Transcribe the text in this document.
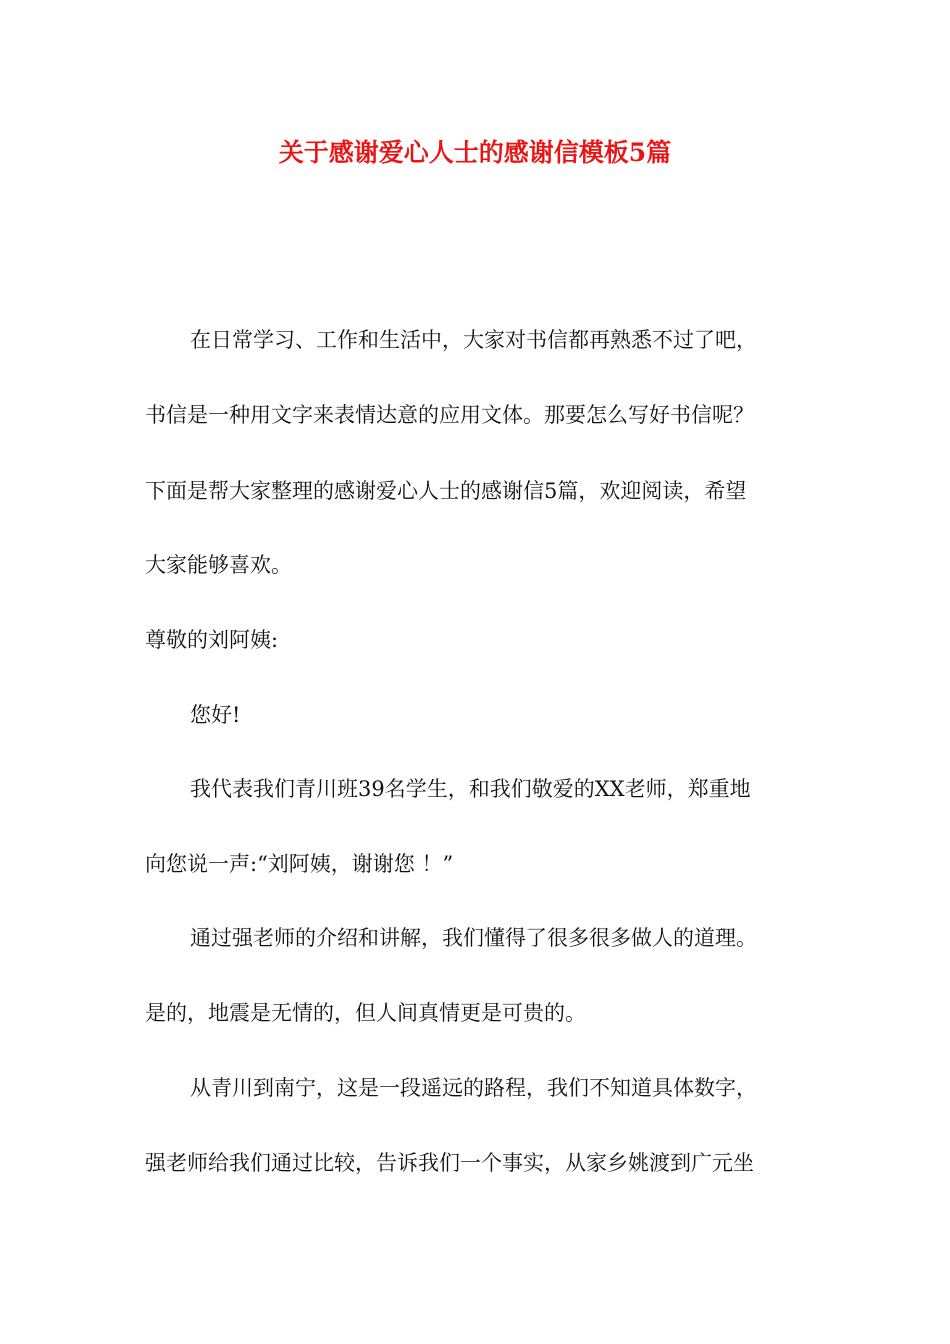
关于感谢爱心人士的感谢信模板5篇

在日常学习、工作和生活中，大家对书信都再熟悉不过了吧，

书信是一种用文字来表情达意的应用文体。那要怎么写好书信呢？

下面是帮大家整理的感谢爱心人士的感谢信5篇，欢迎阅读，希望

大家能够喜欢。

尊敬的刘阿姨:

您好!

我代表我们青川班39名学生，和我们敬爱的XX老师，郑重地

向您说一声:“刘阿姨，谢谢您 ！”

通过强老师的介绍和讲解，我们懂得了很多很多做人的道理。

是的，地震是无情的，但人间真情更是可贵的。

从青川到南宁，这是一段遥远的路程，我们不知道具体数字，

强老师给我们通过比较，告诉我们一个事实，从家乡姚渡到广元坐
